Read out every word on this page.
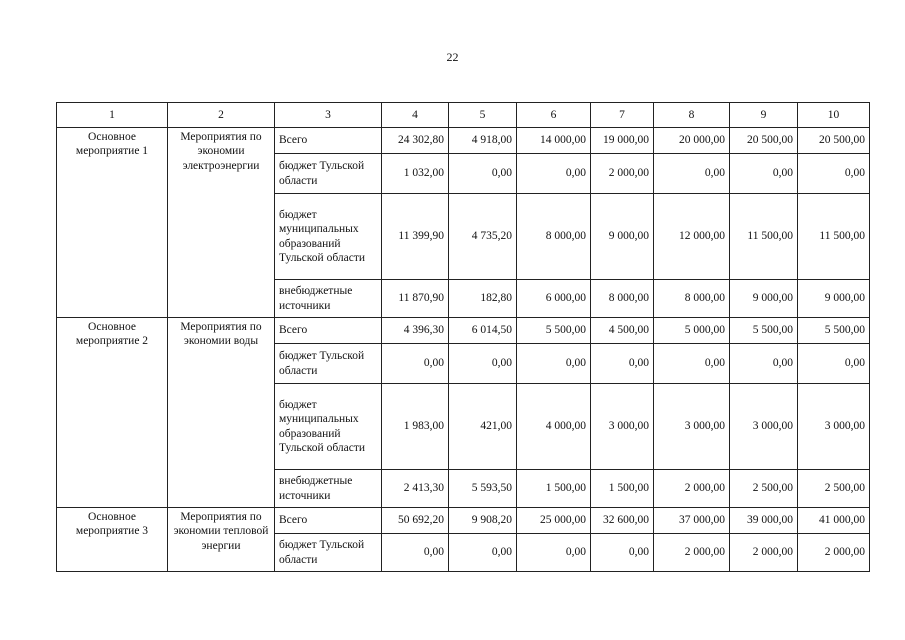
22
1	2	3	4	5	6	7	8	9	10
Основное мероприятие 1	Мероприятия по экономии электроэнергии	Всего	24 302,80	4 918,00	14 000,00	19 000,00	20 000,00	20 500,00	20 500,00
		бюджет Тульской области	1 032,00	0,00	0,00	2 000,00	0,00	0,00	0,00
		бюджет муниципальных образований Тульской области	11 399,90	4 735,20	8 000,00	9 000,00	12 000,00	11 500,00	11 500,00
		внебюджетные источники	11 870,90	182,80	6 000,00	8 000,00	8 000,00	9 000,00	9 000,00
Основное мероприятие 2	Мероприятия по экономии воды	Всего	4 396,30	6 014,50	5 500,00	4 500,00	5 000,00	5 500,00	5 500,00
		бюджет Тульской области	0,00	0,00	0,00	0,00	0,00	0,00	0,00
		бюджет муниципальных образований Тульской области	1 983,00	421,00	4 000,00	3 000,00	3 000,00	3 000,00	3 000,00
		внебюджетные источники	2 413,30	5 593,50	1 500,00	1 500,00	2 000,00	2 500,00	2 500,00
Основное мероприятие 3	Мероприятия по экономии тепловой энергии	Всего	50 692,20	9 908,20	25 000,00	32 600,00	37 000,00	39 000,00	41 000,00
		бюджет Тульской области	0,00	0,00	0,00	0,00	2 000,00	2 000,00	2 000,00
